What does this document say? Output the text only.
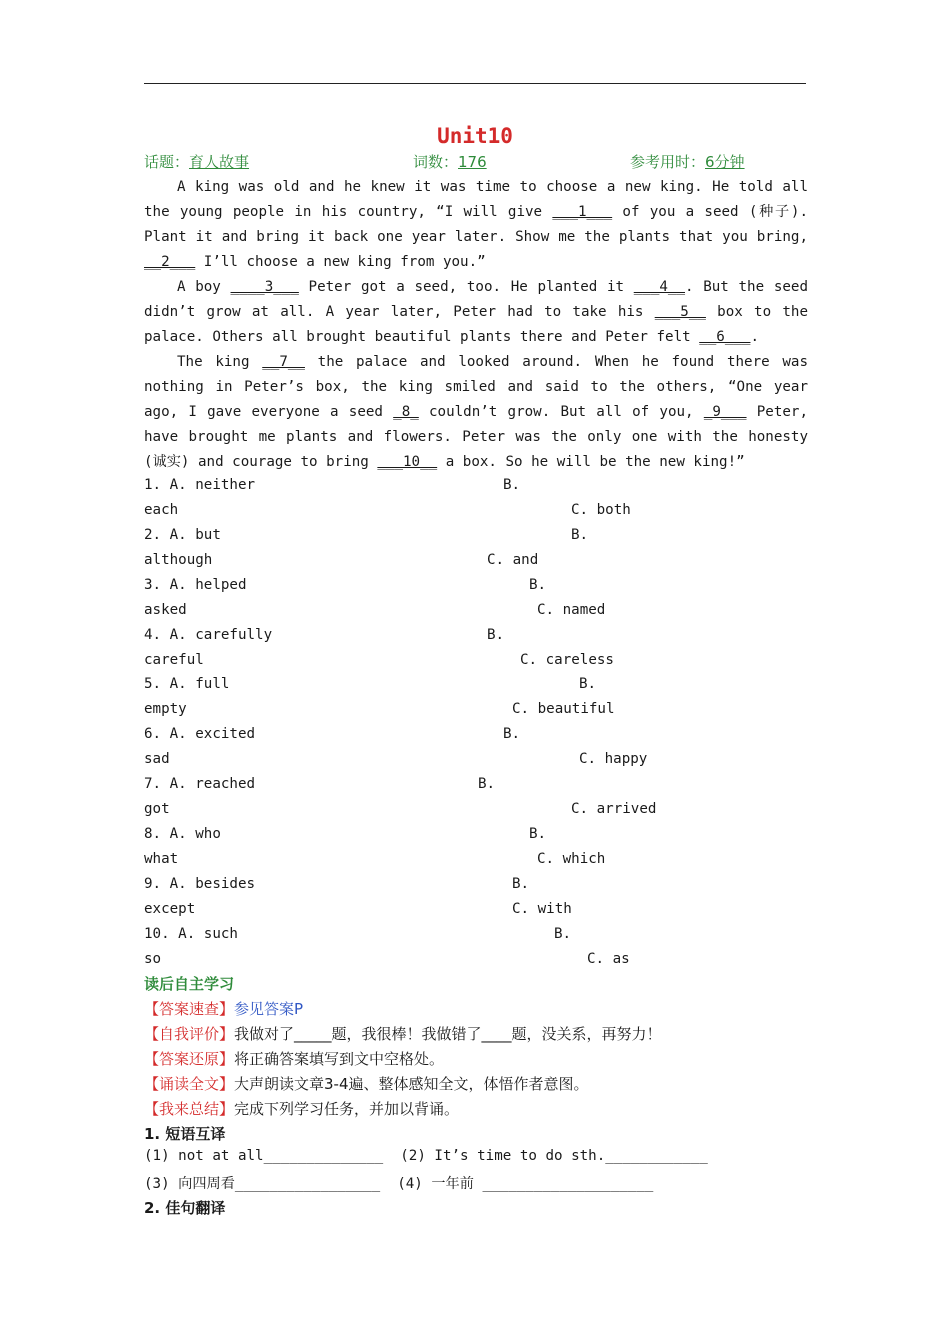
Unit10
话题：育人故事	词数：176	参考用时：6分钟

A king was old and he knew it was time to choose a new king. He told all the young people in his country, “I will give ___1___ of you a seed (种子). Plant it and bring it back one year later. Show me the plants that you bring, __2___ I’ll choose a new king from you.”

A boy ____3___ Peter got a seed, too. He planted it ___4__. But the seed didn’t grow at all. A year later, Peter had to take his ___5__ box to the palace. Others all brought beautiful plants there and Peter felt __6___.

The king __7__ the palace and looked around. When he found there was nothing in Peter’s box, the king smiled and said to the others, “One year ago, I gave everyone a seed _8_ couldn’t grow. But all of you, _9___ Peter, have brought me plants and flowers. Peter was the only one with the honesty (诚实) and courage to bring ___10__ a box. So he will be the new king!”

1. A. neither	B.
each	C. both
2. A. but	B.
although	C. and
3. A. helped	B.
asked	C. named
4. A. carefully	B.
careful	C. careless
5. A. full	B.
empty	C. beautiful
6. A. excited	B.
sad	C. happy
7. A. reached	B.
got	C. arrived
8. A. who	B.
what	C. which
9. A. besides	B.
except	C. with
10. A. such	B.
so	C. as
读后自主学习
【答案速查】参见答案P
【自我评价】我做对了_____题，我很棒！我做错了____题，没关系，再努力！
【答案还原】将正确答案填写到文中空格处。
【诵读全文】大声朗读文章3-4遍、整体感知全文，体悟作者意图。
【我来总结】完成下列学习任务，并加以背诵。
1. 短语互译
(1) not at all______________  (2) It’s time to do sth.____________
(3) 向四周看_________________  (4) 一年前 ____________________
2. 佳句翻译
